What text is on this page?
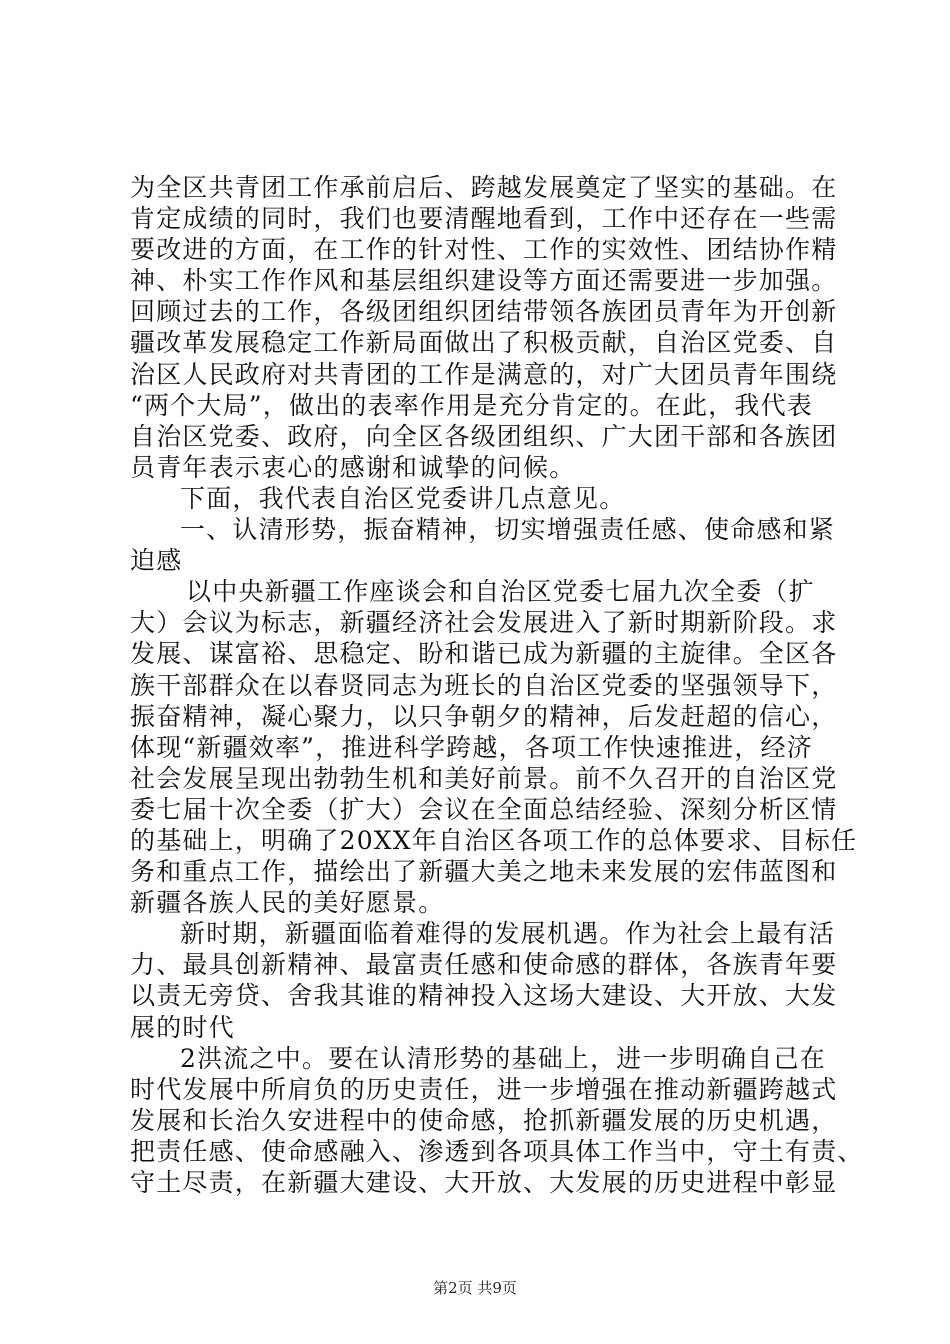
为全区共青团工作承前启后、跨越发展奠定了坚实的基础。在
肯定成绩的同时，我们也要清醒地看到，工作中还存在一些需
要改进的方面，在工作的针对性、工作的实效性、团结协作精
神、朴实工作作风和基层组织建设等方面还需要进一步加强。
回顾过去的工作，各级团组织团结带领各族团员青年为开创新
疆改革发展稳定工作新局面做出了积极贡献，自治区党委、自
治区人民政府对共青团的工作是满意的，对广大团员青年围绕
“两个大局”，做出的表率作用是充分肯定的。在此，我代表
自治区党委、政府，向全区各级团组织、广大团干部和各族团
员青年表示衷心的感谢和诚挚的问候。
下面，我代表自治区党委讲几点意见。
一、认清形势，振奋精神，切实增强责任感、使命感和紧
迫感
以中央新疆工作座谈会和自治区党委七届九次全委（扩
大）会议为标志，新疆经济社会发展进入了新时期新阶段。求
发展、谋富裕、思稳定、盼和谐已成为新疆的主旋律。全区各
族干部群众在以春贤同志为班长的自治区党委的坚强领导下，
振奋精神，凝心聚力，以只争朝夕的精神，后发赶超的信心，
体现“新疆效率”，推进科学跨越，各项工作快速推进，经济
社会发展呈现出勃勃生机和美好前景。前不久召开的自治区党
委七届十次全委（扩大）会议在全面总结经验、深刻分析区情
的基础上，明确了20XX年自治区各项工作的总体要求、目标任
务和重点工作，描绘出了新疆大美之地未来发展的宏伟蓝图和
新疆各族人民的美好愿景。
新时期，新疆面临着难得的发展机遇。作为社会上最有活
力、最具创新精神、最富责任感和使命感的群体，各族青年要
以责无旁贷、舍我其谁的精神投入这场大建设、大开放、大发
展的时代
2洪流之中。要在认清形势的基础上，进一步明确自己在
时代发展中所肩负的历史责任，进一步增强在推动新疆跨越式
发展和长治久安进程中的使命感，抢抓新疆发展的历史机遇，
把责任感、使命感融入、渗透到各项具体工作当中，守土有责、
守土尽责，在新疆大建设、大开放、大发展的历史进程中彰显
第2页 共9页
